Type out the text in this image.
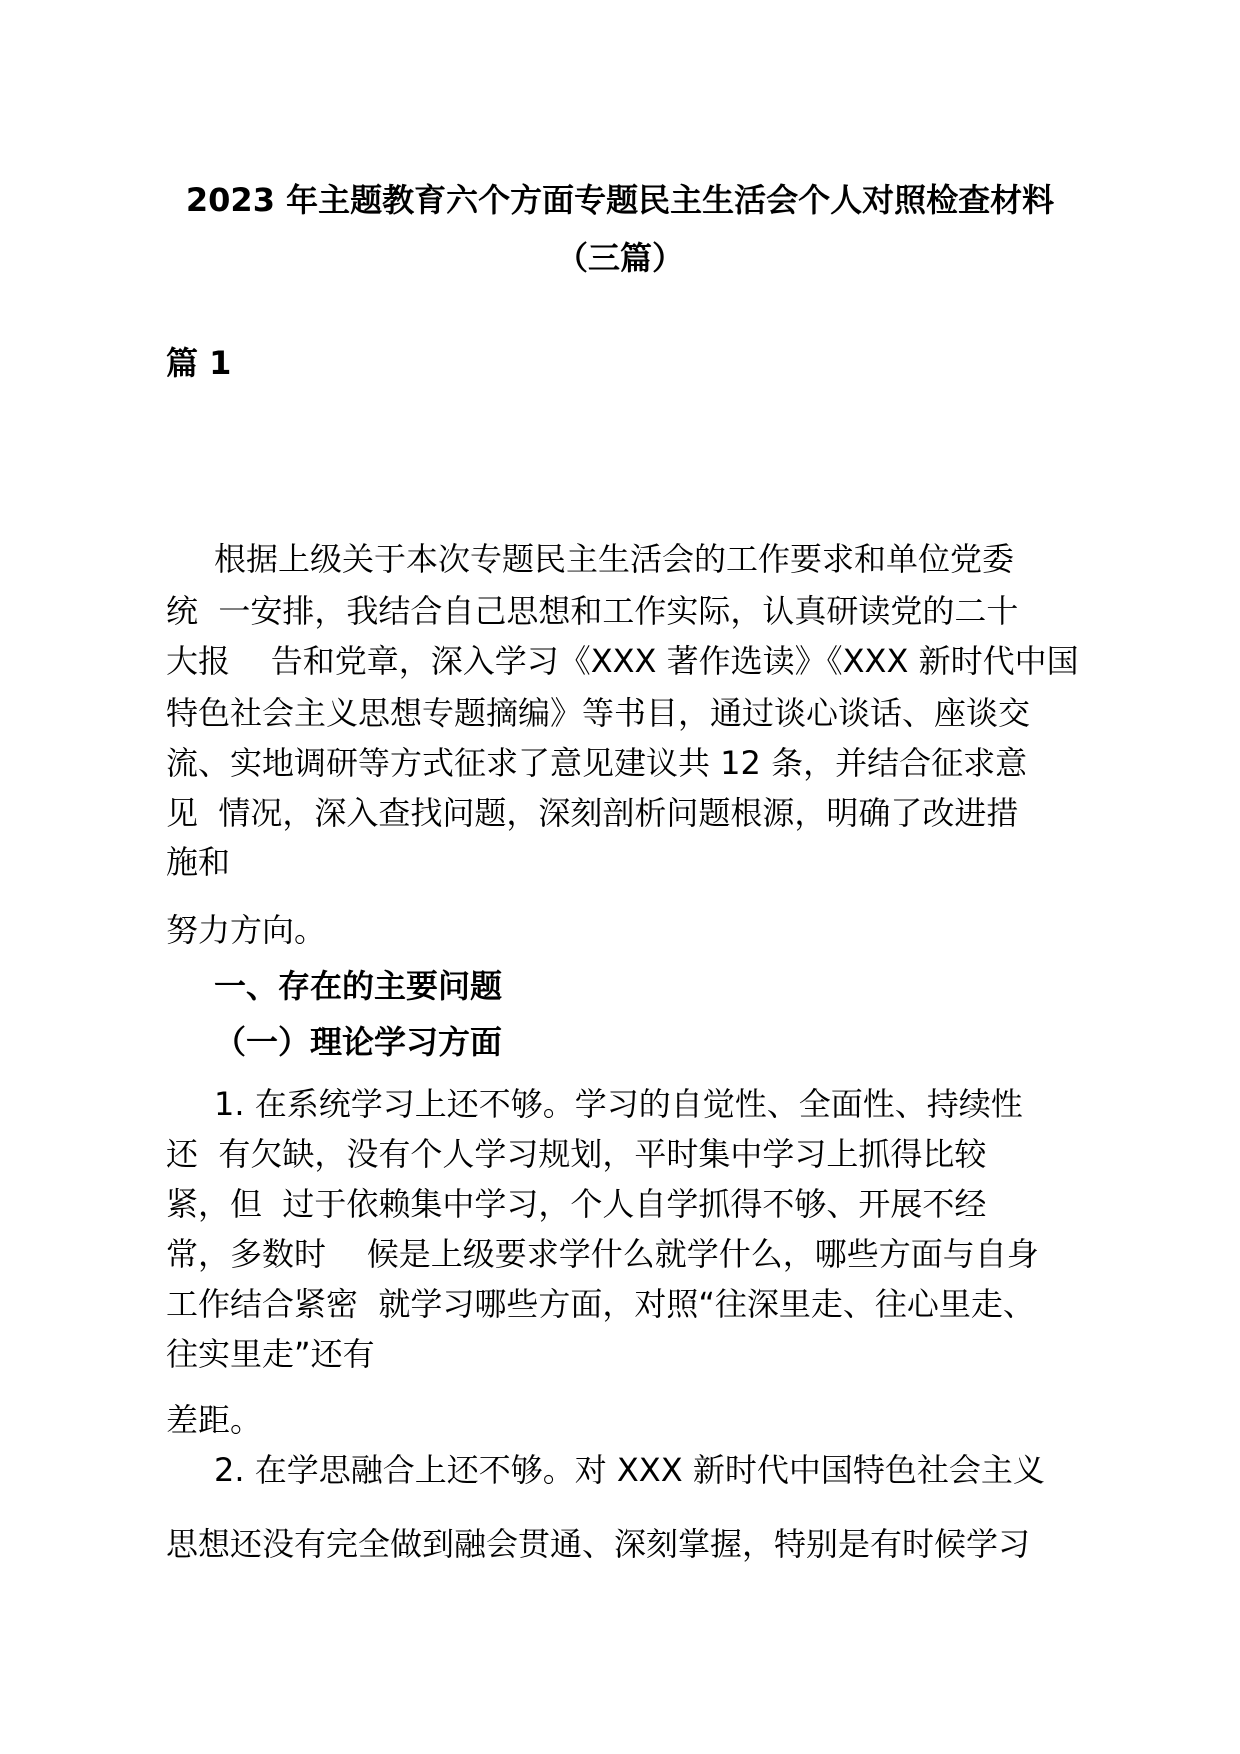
2023 年主题教育六个方面专题民主生活会个人对照检查材料
（三篇）
篇 1
根据上级关于本次专题民主生活会的工作要求和单位党委
统  一安排，我结合自己思想和工作实际，认真研读党的二十
大报    告和党章，深入学习《XXX 著作选读》《XXX 新时代中国
特色社会主义思想专题摘编》等书目，通过谈心谈话、座谈交
流、实地调研等方式征求了意见建议共 12 条，并结合征求意
见  情况，深入查找问题，深刻剖析问题根源，明确了改进措
施和
努力方向。
一、存在的主要问题
（一）理论学习方面
1. 在系统学习上还不够。学习的自觉性、全面性、持续性
还  有欠缺，没有个人学习规划，平时集中学习上抓得比较
紧，但  过于依赖集中学习，个人自学抓得不够、开展不经
常，多数时    候是上级要求学什么就学什么，哪些方面与自身
工作结合紧密  就学习哪些方面，对照“往深里走、往心里走、
往实里走”还有
差距。
2. 在学思融合上还不够。对 XXX 新时代中国特色社会主义
思想还没有完全做到融会贯通、深刻掌握，特别是有时候学习
